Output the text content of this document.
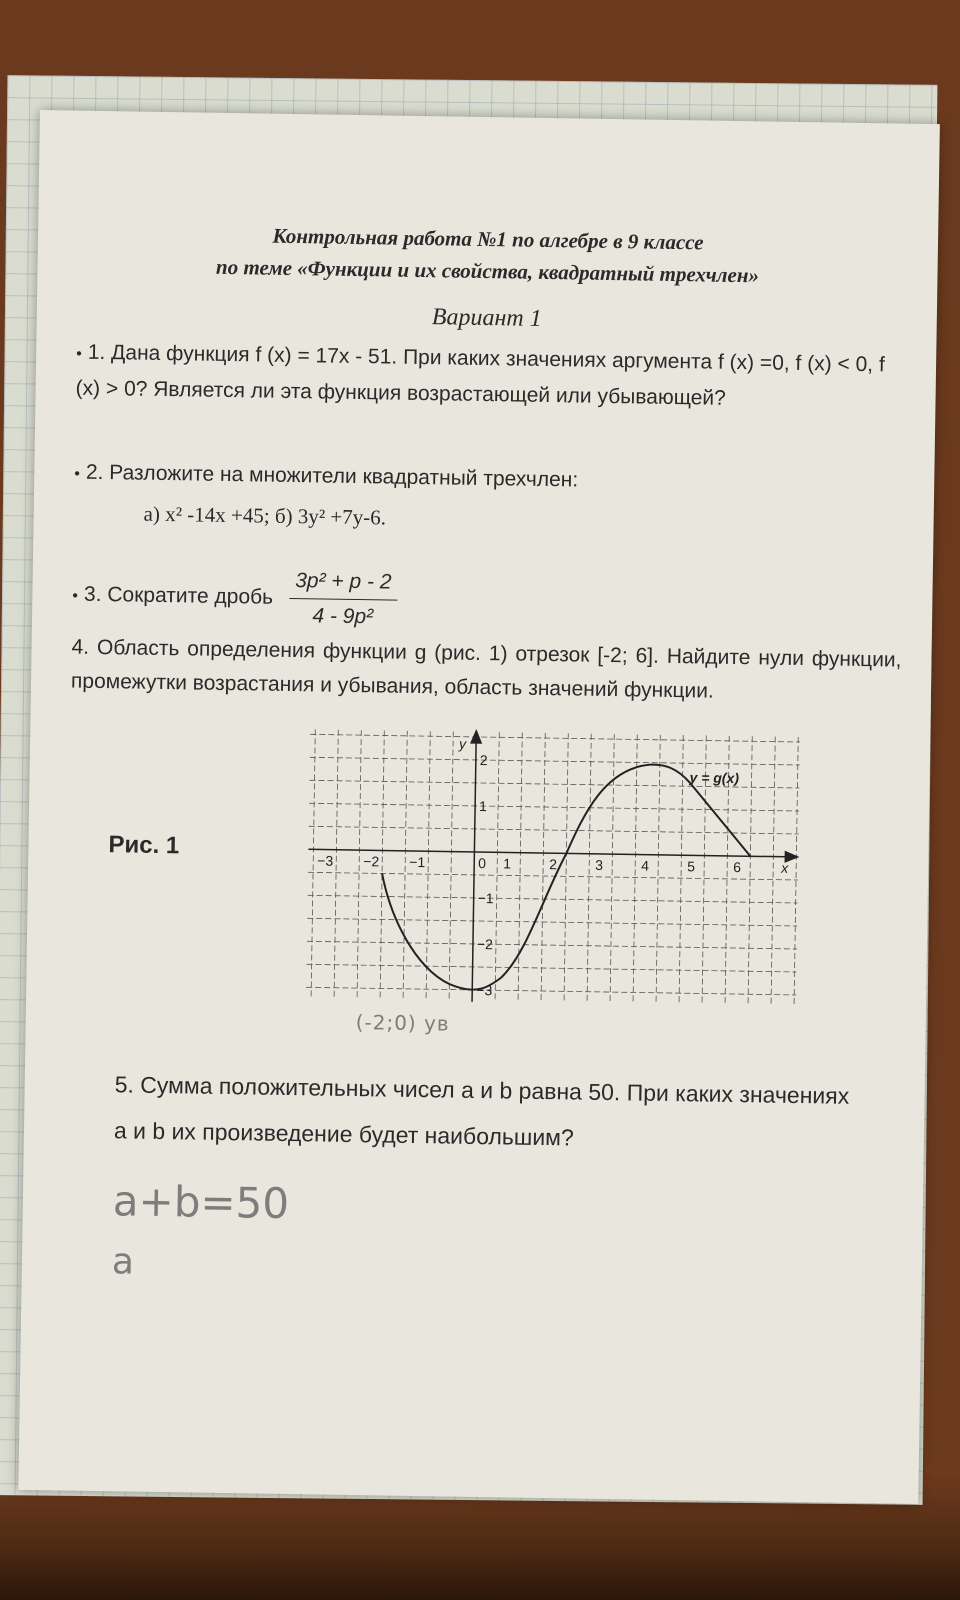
Контрольная работа №1 по алгебре в 9 классе
по теме «Функции и их свойства, квадратный трехчлен»
Вариант 1
• 1. Дана функция f (x) = 17x - 51. При каких значениях аргумента f (x) =0, f (x) < 0, f (x) > 0? Является ли эта функция возрастающей или убывающей?
• 2. Разложите на множители квадратный трехчлен:
а) x² -14x +45; б) 3y² +7y-6.
• 3. Сократите дробь $\frac{\text{3p² + p - 2}}{\text{4 - 9p²}}$
4. Область определения функции g (рис. 1) отрезок [-2; 6]. Найдите нули функции, промежутки возрастания и убывания, область значений функции.
Рис. 1
−3 −2 −1	0 1	2	3	4	5	6	x
y
2
1
−1
−2
−3
y = g(x)
(-2;0) ув
5. Сумма положительных чисел a и b равна 50. При каких значениях a и b их произведение будет наибольшим?
a+b=50
a
